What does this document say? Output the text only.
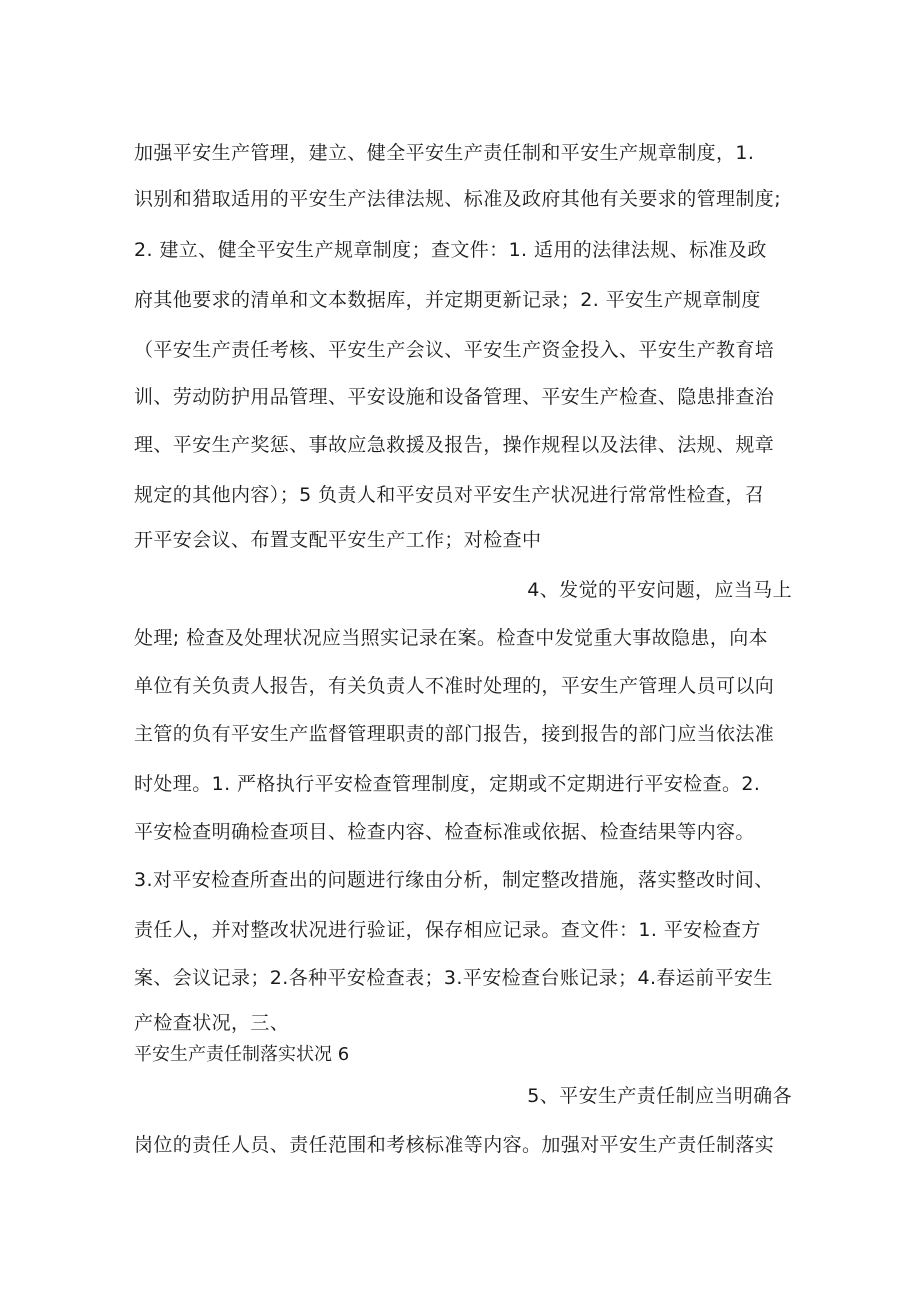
加强平安生产管理，建立、健全平安生产责任制和平安生产规章制度，1.
识别和猎取适用的平安生产法律法规、标准及政府其他有关要求的管理制度;
2. 建立、健全平安生产规章制度；查文件：1. 适用的法律法规、标准及政
府其他要求的清单和文本数据库，并定期更新记录；2. 平安生产规章制度
（平安生产责任考核、平安生产会议、平安生产资金投入、平安生产教育培
训、劳动防护用品管理、平安设施和设备管理、平安生产检查、隐患排查治
理、平安生产奖惩、事故应急救援及报告，操作规程以及法律、法规、规章
规定的其他内容）；5 负责人和平安员对平安生产状况进行常常性检查，召
开平安会议、布置支配平安生产工作；对检查中
4、发觉的平安问题，应当马上
处理; 检查及处理状况应当照实记录在案。检查中发觉重大事故隐患，向本
单位有关负责人报告，有关负责人不准时处理的，平安生产管理人员可以向
主管的负有平安生产监督管理职责的部门报告，接到报告的部门应当依法准
时处理。1. 严格执行平安检查管理制度，定期或不定期进行平安检查。2.
平安检查明确检查项目、检查内容、检查标准或依据、检查结果等内容。
3.对平安检查所查出的问题进行缘由分析，制定整改措施，落实整改时间、
责任人，并对整改状况进行验证，保存相应记录。查文件：1. 平安检查方
案、会议记录；2.各种平安检查表；3.平安检查台账记录；4.春运前平安生
产检查状况，三、
平安生产责任制落实状况 6
5、平安生产责任制应当明确各
岗位的责任人员、责任范围和考核标准等内容。加强对平安生产责任制落实
